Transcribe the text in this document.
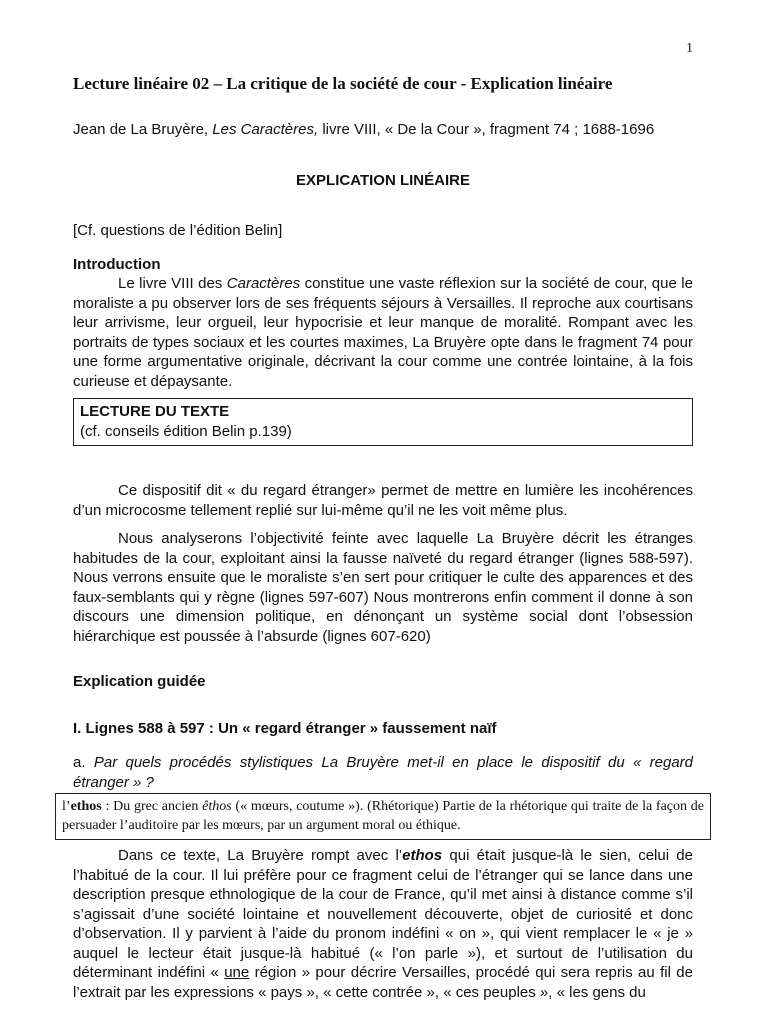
1
Lecture linéaire 02 – La critique de la société de cour - Explication linéaire
Jean de La Bruyère, Les Caractères, livre VIII, « De la Cour », fragment 74 ; 1688-1696
EXPLICATION LINÉAIRE
[Cf. questions de l’édition Belin]
Introduction
Le livre VIII des Caractères constitue une vaste réflexion sur la société de cour, que le moraliste a pu observer lors de ses fréquents séjours à Versailles. Il reproche aux courtisans leur arrivisme, leur orgueil, leur hypocrisie et leur manque de moralité. Rompant avec les portraits de types sociaux et les courtes maximes, La Bruyère opte dans le fragment 74 pour une forme argumentative originale, décrivant la cour comme une contrée lointaine, à la fois curieuse et dépaysante.
LECTURE DU TEXTE
(cf. conseils édition Belin p.139)
Ce dispositif dit « du regard étranger» permet de mettre en lumière les incohérences d’un microcosme tellement replié sur lui-même qu’il ne les voit même plus.
Nous analyserons l’objectivité feinte avec laquelle La Bruyère décrit les étranges habitudes de la cour, exploitant ainsi la fausse naïveté du regard étranger (lignes 588-597). Nous verrons ensuite que le moraliste s’en sert pour critiquer le culte des apparences et des faux-semblants qui y règne (lignes 597-607) Nous montrerons enfin comment il donne à son discours une dimension politique, en dénonçant un système social dont l’obsession hiérarchique est poussée à l’absurde (lignes 607-620)
Explication guidée
I. Lignes 588 à 597 : Un « regard étranger » faussement naïf
a. Par quels procédés stylistiques La Bruyère met-il en place le dispositif du « regard étranger » ?
l’ethos : Du grec ancien êthos (« mœurs, coutume »). (Rhétorique) Partie de la rhétorique qui traite de la façon de persuader l’auditoire par les mœurs, par un argument moral ou éthique.
Dans ce texte, La Bruyère rompt avec l’ethos qui était jusque-là le sien, celui de l’habitué de la cour. Il lui préfère pour ce fragment celui de l’étranger qui se lance dans une description presque ethnologique de la cour de France, qu’il met ainsi à distance comme s’il s’agissait d’une société lointaine et nouvellement découverte, objet de curiosité et donc d’observation. Il y parvient à l’aide du pronom indéfini « on », qui vient remplacer le « je » auquel le lecteur était jusque-là habitué (« l’on parle »), et surtout de l’utilisation du déterminant indéfini « une région » pour décrire Versailles, procédé qui sera repris au fil de l’extrait par les expressions « pays », « cette contrée », « ces peuples », « les gens du
